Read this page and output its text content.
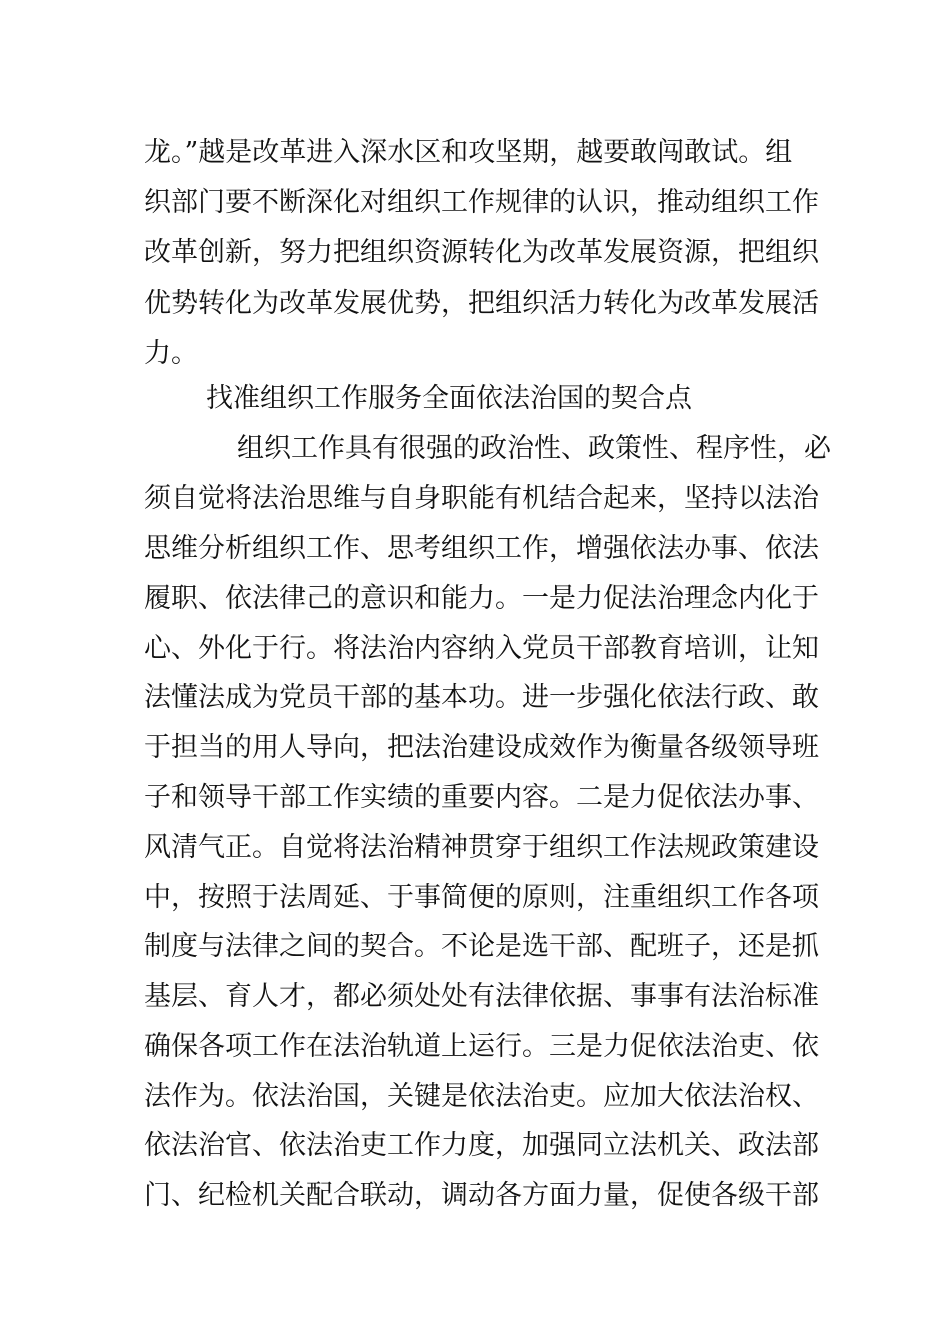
龙。”越是改革进入深水区和攻坚期，越要敢闯敢试。组
织部门要不断深化对组织工作规律的认识，推动组织工作
改革创新，努力把组织资源转化为改革发展资源，把组织
优势转化为改革发展优势，把组织活力转化为改革发展活
力。
找准组织工作服务全面依法治国的契合点
组织工作具有很强的政治性、政策性、程序性，必
须自觉将法治思维与自身职能有机结合起来，坚持以法治
思维分析组织工作、思考组织工作，增强依法办事、依法
履职、依法律己的意识和能力。一是力促法治理念内化于
心、外化于行。将法治内容纳入党员干部教育培训，让知
法懂法成为党员干部的基本功。进一步强化依法行政、敢
于担当的用人导向，把法治建设成效作为衡量各级领导班
子和领导干部工作实绩的重要内容。二是力促依法办事、
风清气正。自觉将法治精神贯穿于组织工作法规政策建设
中，按照于法周延、于事简便的原则，注重组织工作各项
制度与法律之间的契合。不论是选干部、配班子，还是抓
基层、育人才，都必须处处有法律依据、事事有法治标准
确保各项工作在法治轨道上运行。三是力促依法治吏、依
法作为。依法治国，关键是依法治吏。应加大依法治权、
依法治官、依法治吏工作力度，加强同立法机关、政法部
门、纪检机关配合联动，调动各方面力量，促使各级干部
